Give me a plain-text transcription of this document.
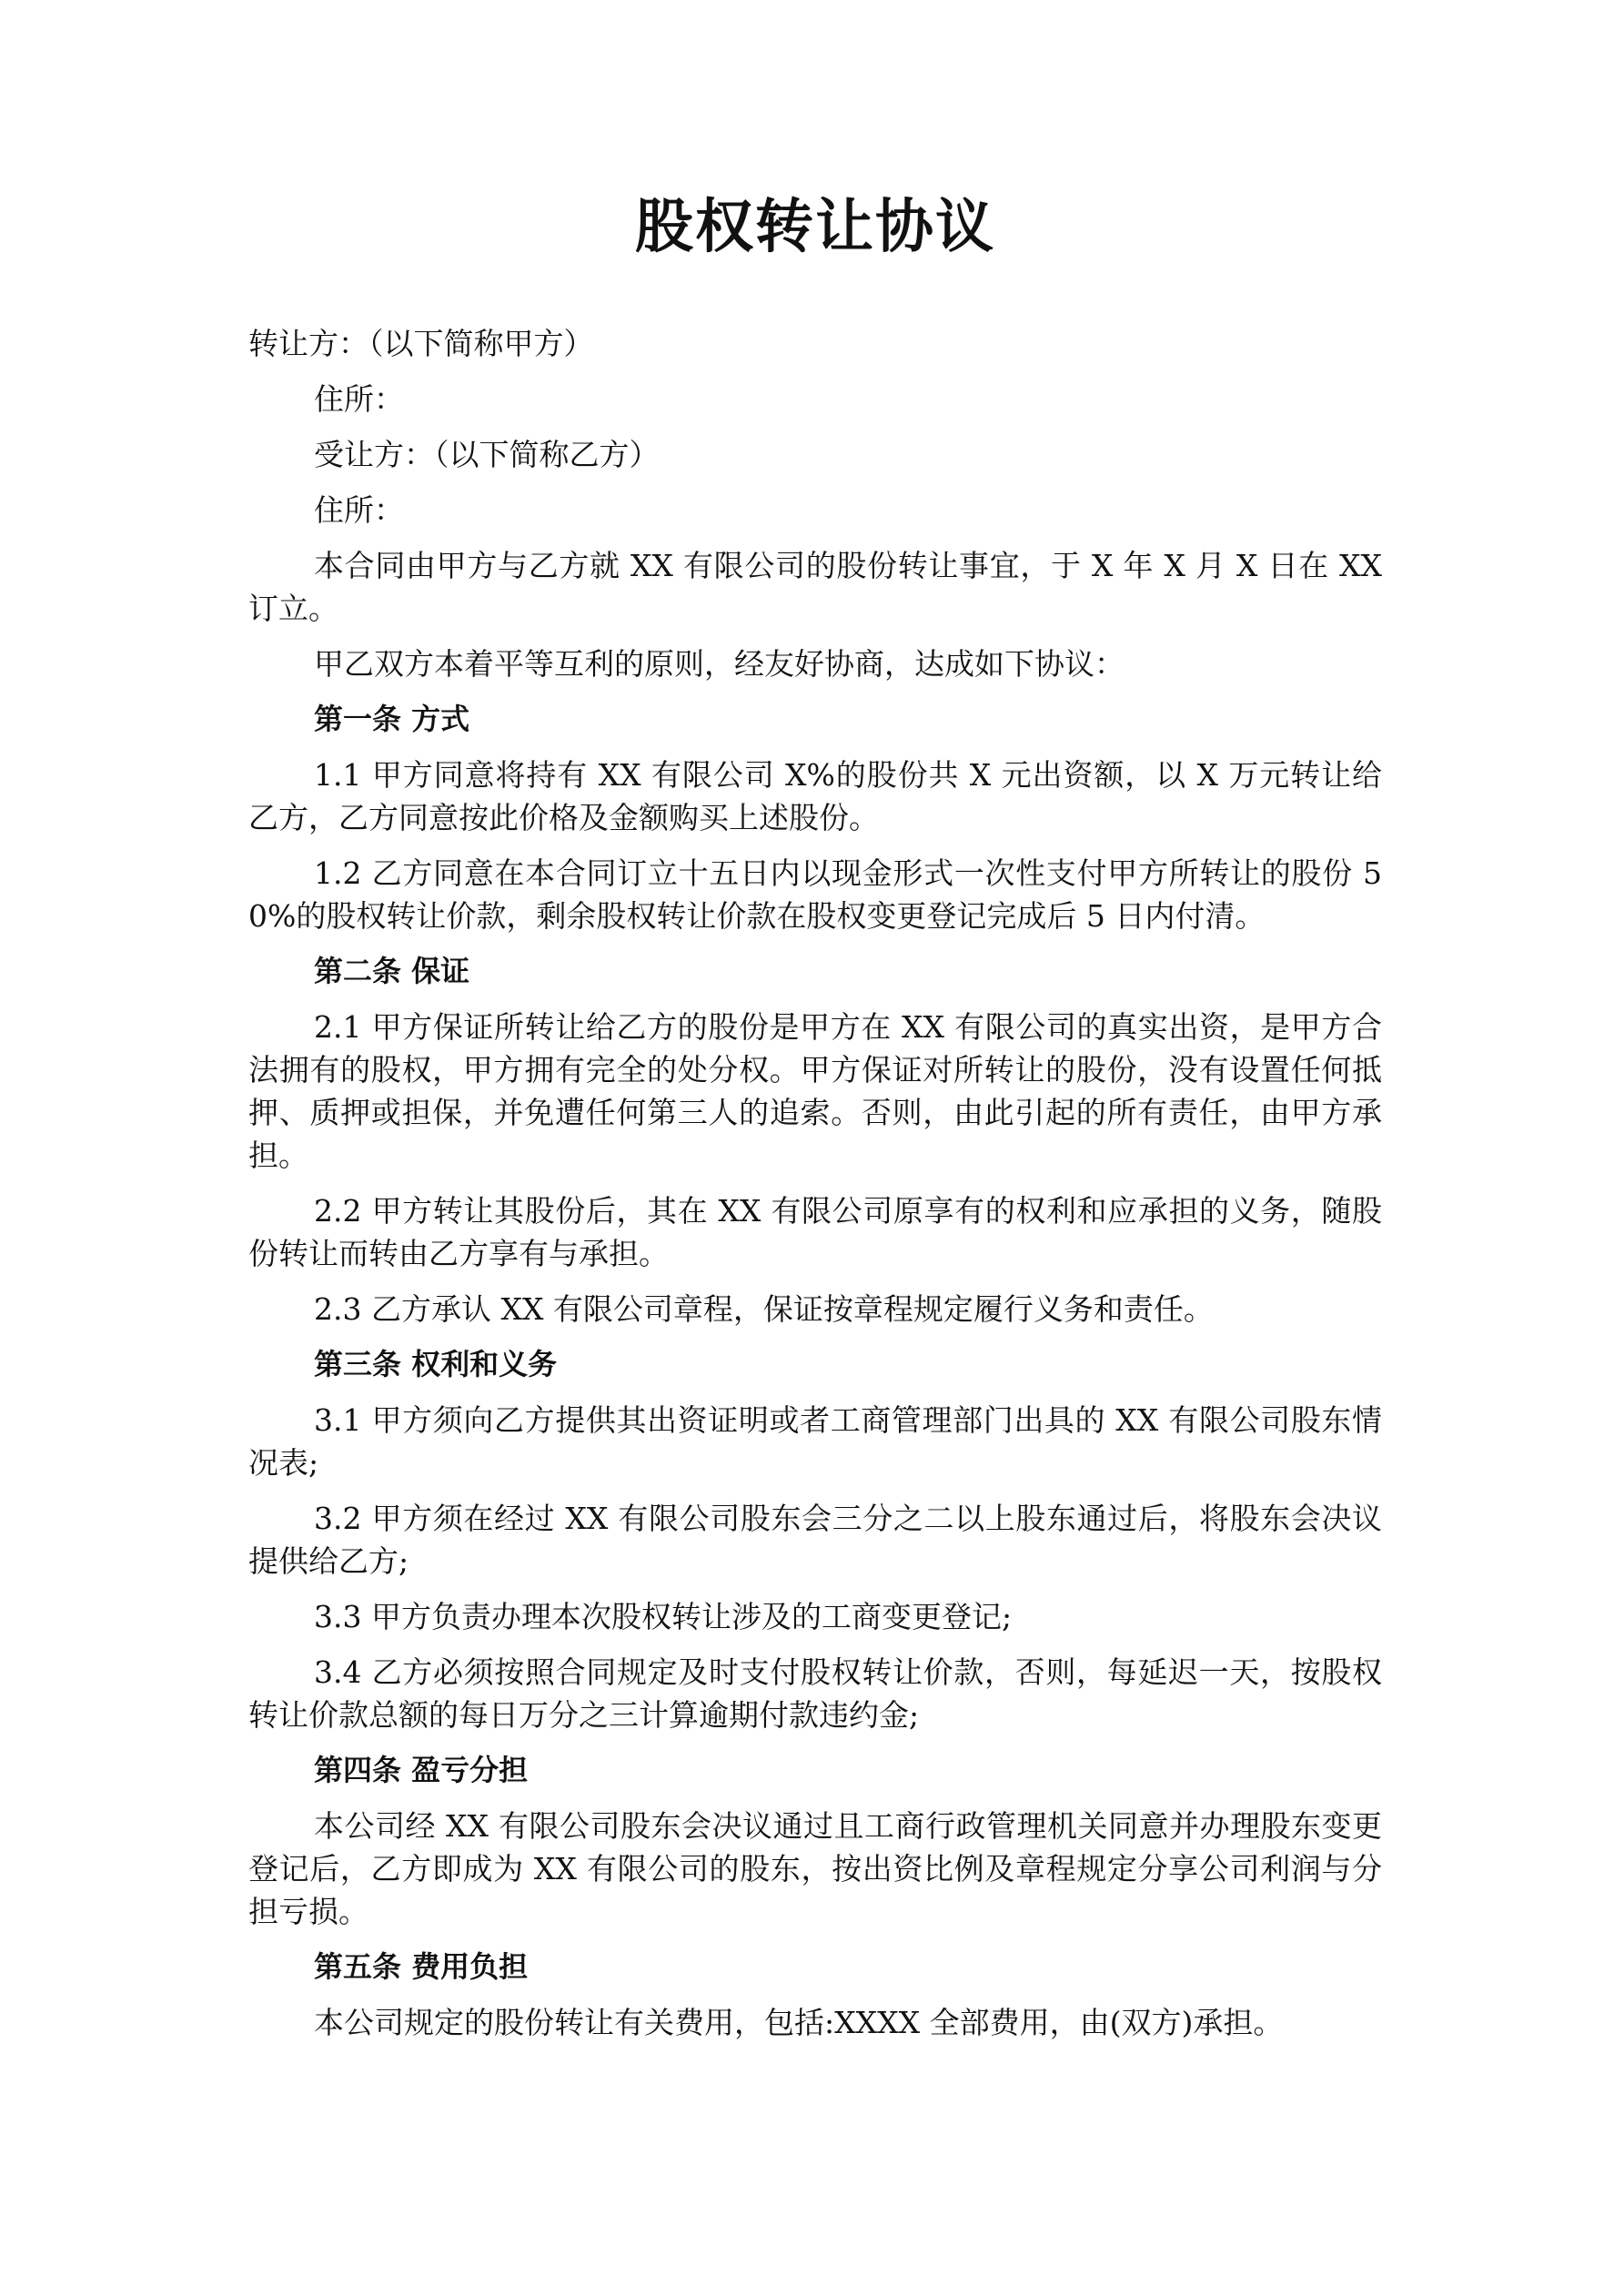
股权转让协议
转让方：（以下简称甲方）
住所：
受让方：（以下简称乙方）
住所：
本合同由甲方与乙方就 XX 有限公司的股份转让事宜，于 X 年 X 月 X 日在 XX 订立。
甲乙双方本着平等互利的原则，经友好协商，达成如下协议：
第一条 方式
1.1 甲方同意将持有 XX 有限公司 X%的股份共 X 元出资额，以 X 万元转让给乙方，乙方同意按此价格及金额购买上述股份。
1.2 乙方同意在本合同订立十五日内以现金形式一次性支付甲方所转让的股份 50%的股权转让价款，剩余股权转让价款在股权变更登记完成后 5 日内付清。
第二条 保证
2.1 甲方保证所转让给乙方的股份是甲方在 XX 有限公司的真实出资，是甲方合法拥有的股权，甲方拥有完全的处分权。甲方保证对所转让的股份，没有设置任何抵押、质押或担保，并免遭任何第三人的追索。否则，由此引起的所有责任，由甲方承担。
2.2 甲方转让其股份后，其在 XX 有限公司原享有的权利和应承担的义务，随股份转让而转由乙方享有与承担。
2.3 乙方承认 XX 有限公司章程，保证按章程规定履行义务和责任。
第三条 权利和义务
3.1 甲方须向乙方提供其出资证明或者工商管理部门出具的 XX 有限公司股东情况表;
3.2 甲方须在经过 XX 有限公司股东会三分之二以上股东通过后，将股东会决议提供给乙方;
3.3 甲方负责办理本次股权转让涉及的工商变更登记;
3.4 乙方必须按照合同规定及时支付股权转让价款，否则，每延迟一天，按股权转让价款总额的每日万分之三计算逾期付款违约金;
第四条 盈亏分担
本公司经 XX 有限公司股东会决议通过且工商行政管理机关同意并办理股东变更登记后，乙方即成为 XX 有限公司的股东，按出资比例及章程规定分享公司利润与分担亏损。
第五条 费用负担
本公司规定的股份转让有关费用，包括:XXXX 全部费用，由(双方)承担。
